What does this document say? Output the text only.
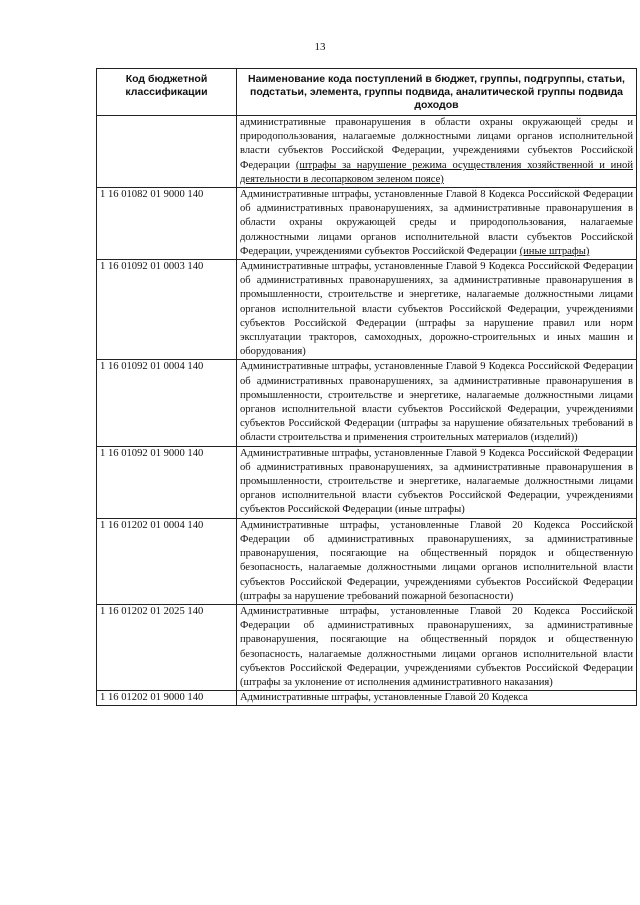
13
Код бюджетной классификации	Наименование кода поступлений в бюджет, группы, подгруппы, статьи, подстатьи, элемента, группы подвида, аналитической группы подвида доходов
	административные правонарушения в области охраны окружающей среды и природопользования, налагаемые должностными лицами органов исполнительной власти субъектов Российской Федерации, учреждениями субъектов Российской Федерации (штрафы за нарушение режима осуществления хозяйственной и иной деятельности в лесопарковом зеленом поясе)
1 16 01082 01 9000 140	Административные штрафы, установленные Главой 8 Кодекса Российской Федерации об административных правонарушениях, за административные правонарушения в области охраны окружающей среды и природопользования, налагаемые должностными лицами органов исполнительной власти субъектов Российской Федерации, учреждениями субъектов Российской Федерации (иные штрафы)
1 16 01092 01 0003 140	Административные штрафы, установленные Главой 9 Кодекса Российской Федерации об административных правонарушениях, за административные правонарушения в промышленности, строительстве и энергетике, налагаемые должностными лицами органов исполнительной власти субъектов Российской Федерации, учреждениями субъектов Российской Федерации (штрафы за нарушение правил или норм эксплуатации тракторов, самоходных, дорожно-строительных и иных машин и оборудования)
1 16 01092 01 0004 140	Административные штрафы, установленные Главой 9 Кодекса Российской Федерации об административных правонарушениях, за административные правонарушения в промышленности, строительстве и энергетике, налагаемые должностными лицами органов исполнительной власти субъектов Российской Федерации, учреждениями субъектов Российской Федерации (штрафы за нарушение обязательных требований в области строительства и применения строительных материалов (изделий))
1 16 01092 01 9000 140	Административные штрафы, установленные Главой 9 Кодекса Российской Федерации об административных правонарушениях, за административные правонарушения в промышленности, строительстве и энергетике, налагаемые должностными лицами органов исполнительной власти субъектов Российской Федерации, учреждениями субъектов Российской Федерации (иные штрафы)
1 16 01202 01 0004 140	Административные штрафы, установленные Главой 20 Кодекса Российской Федерации об административных правонарушениях, за административные правонарушения, посягающие на общественный порядок и общественную безопасность, налагаемые должностными лицами органов исполнительной власти субъектов Российской Федерации, учреждениями субъектов Российской Федерации (штрафы за нарушение требований пожарной безопасности)
1 16 01202 01 2025 140	Административные штрафы, установленные Главой 20 Кодекса Российской Федерации об административных правонарушениях, за административные правонарушения, посягающие на общественный порядок и общественную безопасность, налагаемые должностными лицами органов исполнительной власти субъектов Российской Федерации, учреждениями субъектов Российской Федерации (штрафы за уклонение от исполнения административного наказания)
1 16 01202 01 9000 140	Административные штрафы, установленные Главой 20 Кодекса
